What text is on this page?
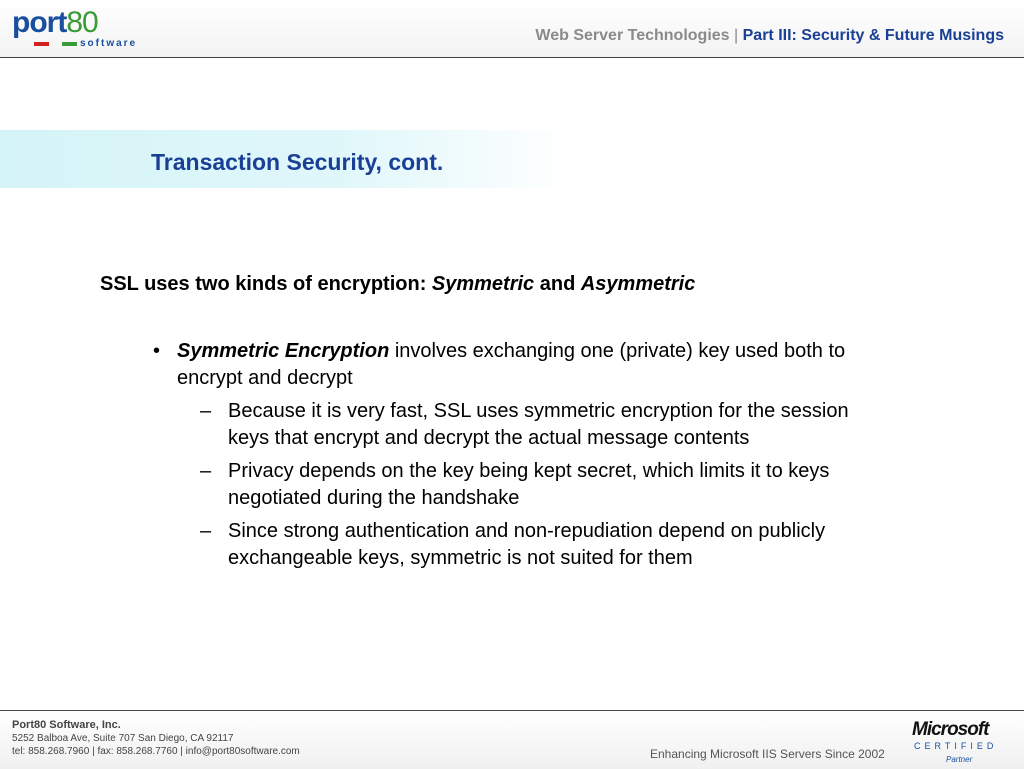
port80
software	Web Server Technologies | Part III: Security & Future Musings
Transaction Security, cont.
SSL uses two kinds of encryption: Symmetric and Asymmetric
• Symmetric Encryption involves exchanging one (private) key used both to encrypt and decrypt
– Because it is very fast, SSL uses symmetric encryption for the session keys that encrypt and decrypt the actual message contents
– Privacy depends on the key being kept secret, which limits it to keys negotiated during the handshake
– Since strong authentication and non-repudiation depend on publicly exchangeable keys, symmetric is not suited for them
Port80 Software, Inc.
5252 Balboa Ave, Suite 707 San Diego, CA 92117
tel: 858.268.7960 | fax: 858.268.7760 | info@port80software.com	Enhancing Microsoft IIS Servers Since 2002
Microsoft
CERTIFIED
Partner
